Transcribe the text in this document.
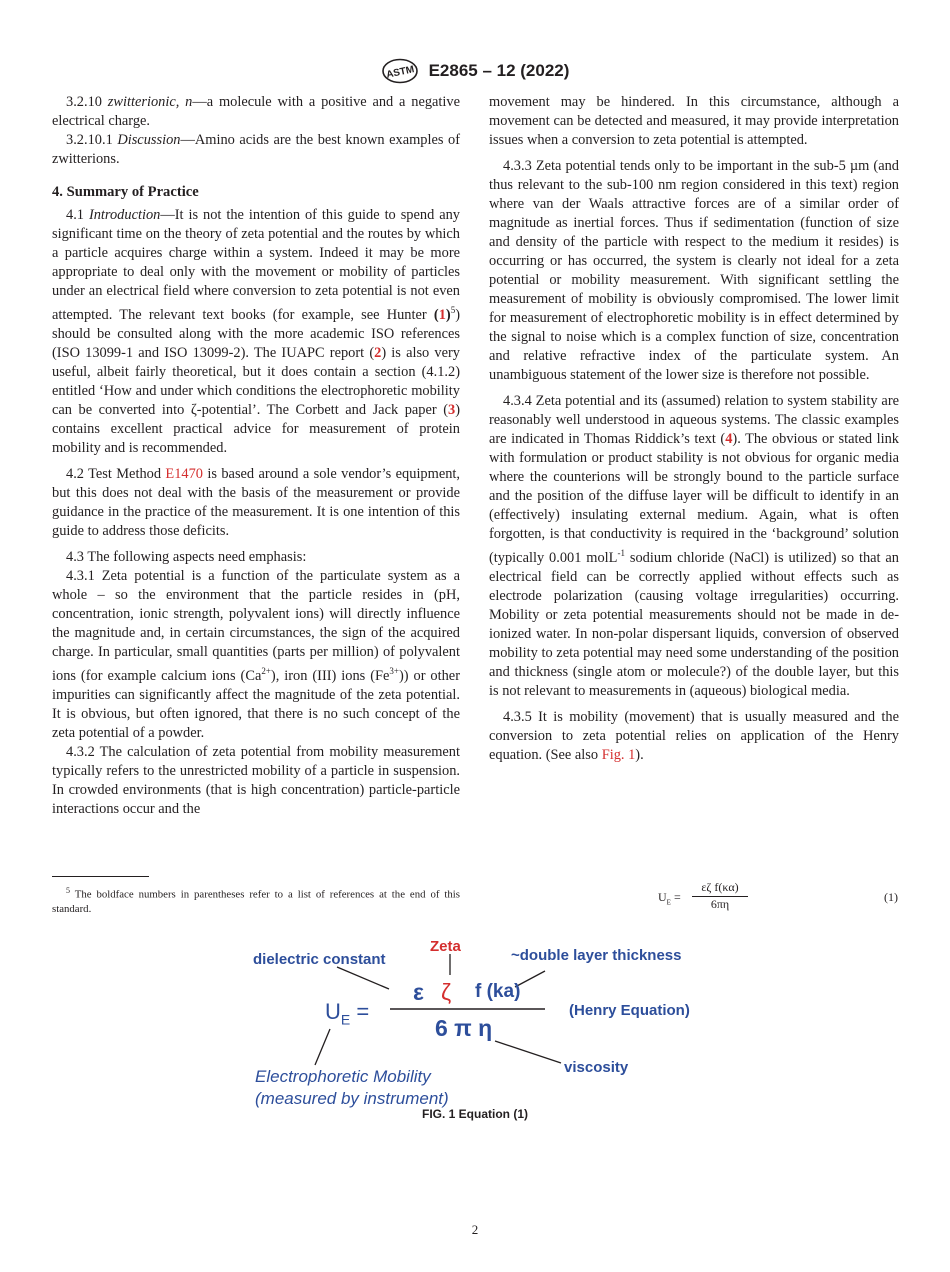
ASTM E2865 – 12 (2022)

3.2.10 zwitterionic, n—a molecule with a positive and a negative electrical charge.

3.2.10.1 Discussion—Amino acids are the best known examples of zwitterions.

4. Summary of Practice

4.1 Introduction—It is not the intention of this guide to spend any significant time on the theory of zeta potential and the routes by which a particle acquires charge within a system. Indeed it may be more appropriate to deal only with the movement or mobility of particles under an electrical field where conversion to zeta potential is not even attempted. The relevant text books (for example, see Hunter $(1)^5$) should be consulted along with the more academic ISO references (ISO 13099-1 and ISO 13099-2). The IUAPC report (2) is also very useful, albeit fairly theoretical, but it does contain a section (4.1.2) entitled ‘How and under which conditions the electrophoretic mobility can be converted into ζ-potential’. The Corbett and Jack paper (3) contains excellent practical advice for measurement of protein mobility and is recommended.

4.2 Test Method E1470 is based around a sole vendor’s equipment, but this does not deal with the basis of the measurement or provide guidance in the practice of the measurement. It is one intention of this guide to address those deficits.

4.3 The following aspects need emphasis:

4.3.1 Zeta potential is a function of the particulate system as a whole – so the environment that the particle resides in (pH, concentration, ionic strength, polyvalent ions) will directly influence the magnitude and, in certain circumstances, the sign of the acquired charge. In particular, small quantities (parts per million) of polyvalent ions (for example calcium ions $(Ca^{2+})$, iron (III) ions $(Fe^{3+})$) or other impurities can significantly affect the magnitude of the zeta potential. It is obvious, but often ignored, that there is no such concept of the zeta potential of a powder.

4.3.2 The calculation of zeta potential from mobility measurement typically refers to the unrestricted mobility of a particle in suspension. In crowded environments (that is high concentration) particle-particle interactions occur and the

$^5$ The boldface numbers in parentheses refer to a list of references at the end of this standard.

movement may be hindered. In this circumstance, although a movement can be detected and measured, it may provide interpretation issues when a conversion to zeta potential is attempted.

4.3.3 Zeta potential tends only to be important in the sub-5 µm (and thus relevant to the sub-100 nm region considered in this text) region where van der Waals attractive forces are of a similar order of magnitude as inertial forces. Thus if sedimentation (function of size and density of the particle with respect to the medium it resides) is occurring or has occurred, the system is clearly not ideal for a zeta potential or mobility measurement. With significant settling the measurement of mobility is obviously compromised. The lower limit for measurement of electrophoretic mobility is in effect determined by the signal to noise which is a complex function of size, concentration and relative refractive index of the particulate system. An unambiguous statement of the lower size is therefore not possible.

4.3.4 Zeta potential and its (assumed) relation to system stability are reasonably well understood in aqueous systems. The classic examples are indicated in Thomas Riddick’s text (4). The obvious or stated link with formulation or product stability is not obvious for organic media where the counterions will be strongly bound to the particle surface and the position of the diffuse layer will be difficult to identify in an (effectively) insulating external medium. Again, what is often forgotten, is that conductivity is required in the ‘background’ solution (typically 0.001 molL$^{-1}$ sodium chloride (NaCl) is utilized) so that an electrical field can be correctly applied without effects such as electrode polarization (causing voltage irregularities) occurring. Mobility or zeta potential measurements should not be made in de-ionized water. In non-polar dispersant liquids, conversion of observed mobility to zeta potential may need some understanding of the position and thickness (single atom or molecule?) of the double layer, but this is not relevant to measurements in (aqueous) biological media.

4.3.5 It is mobility (movement) that is usually measured and the conversion to zeta potential relies on application of the Henry equation. (See also Fig. 1).

$U_E = \frac{\text{εζ f(κα)}}{6\pi\eta}$	(1)
Zeta
dielectric constant	~double layer thickness
$U_E$ =
ε ζ f (ka)
(Henry Equation)
6 π η
viscosity
Electrophoretic Mobility
(measured by instrument)
FIG. 1 Equation (1)
2
